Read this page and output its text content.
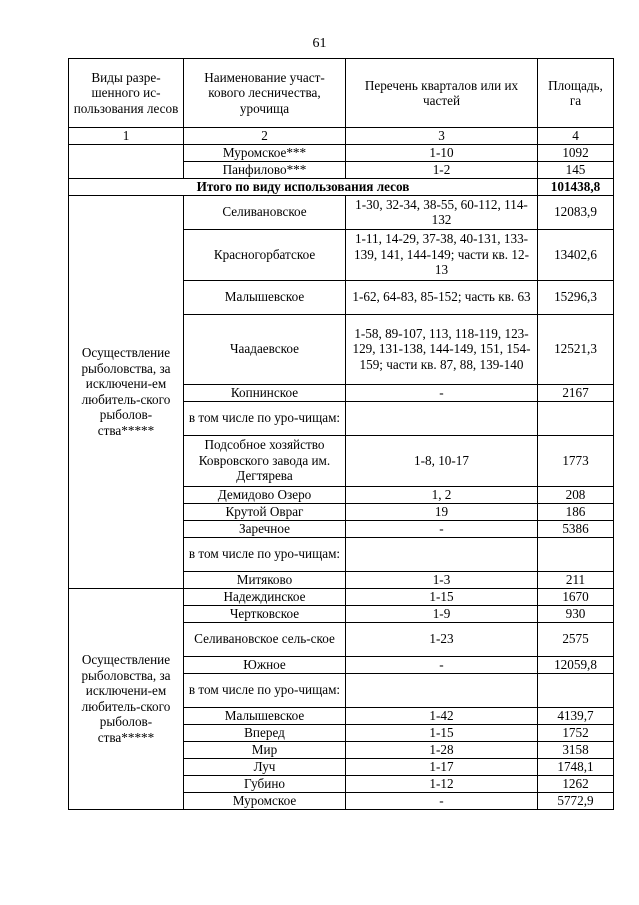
61
Виды разре-шенного ис-пользования лесов	Наименование участ-кового лесничества, урочища	Перечень кварталов или их частей	Площадь, га
1	2	3	4
	Муромское***	1-10	1092
	Панфилово***	1-2	145
Итого по виду использования лесов			101438,8
Осуществление рыболовства, за исключени-ем любитель-ского рыболов-ства*****	Селивановское	1-30, 32-34, 38-55, 60-112, 114-132	12083,9
	Красногорбатское	1-11, 14-29, 37-38, 40-131, 133-139, 141, 144-149; части кв. 12-13	13402,6
	Малышевское	1-62, 64-83, 85-152; часть кв. 63	15296,3
	Чаадаевское	1-58, 89-107, 113, 118-119, 123-129, 131-138, 144-149, 151, 154-159; части кв. 87, 88, 139-140	12521,3
	Копнинское	-	2167
	в том числе по уро-чищам:		
	Подсобное хозяйство Ковровского завода им. Дегтярева	1-8, 10-17	1773
	Демидово Озеро	1, 2	208
	Крутой Овраг	19	186
	Заречное	-	5386
	в том числе по уро-чищам:		
	Митяково	1-3	211
Осуществление рыболовства, за исключени-ем любитель-ского рыболов-ства*****	Надеждинское	1-15	1670
	Чертковское	1-9	930
	Селивановское сель-ское	1-23	2575
	Южное	-	12059,8
	в том числе по уро-чищам:		
	Малышевское	1-42	4139,7
	Вперед	1-15	1752
	Мир	1-28	3158
	Луч	1-17	1748,1
	Губино	1-12	1262
	Муромское	-	5772,9
